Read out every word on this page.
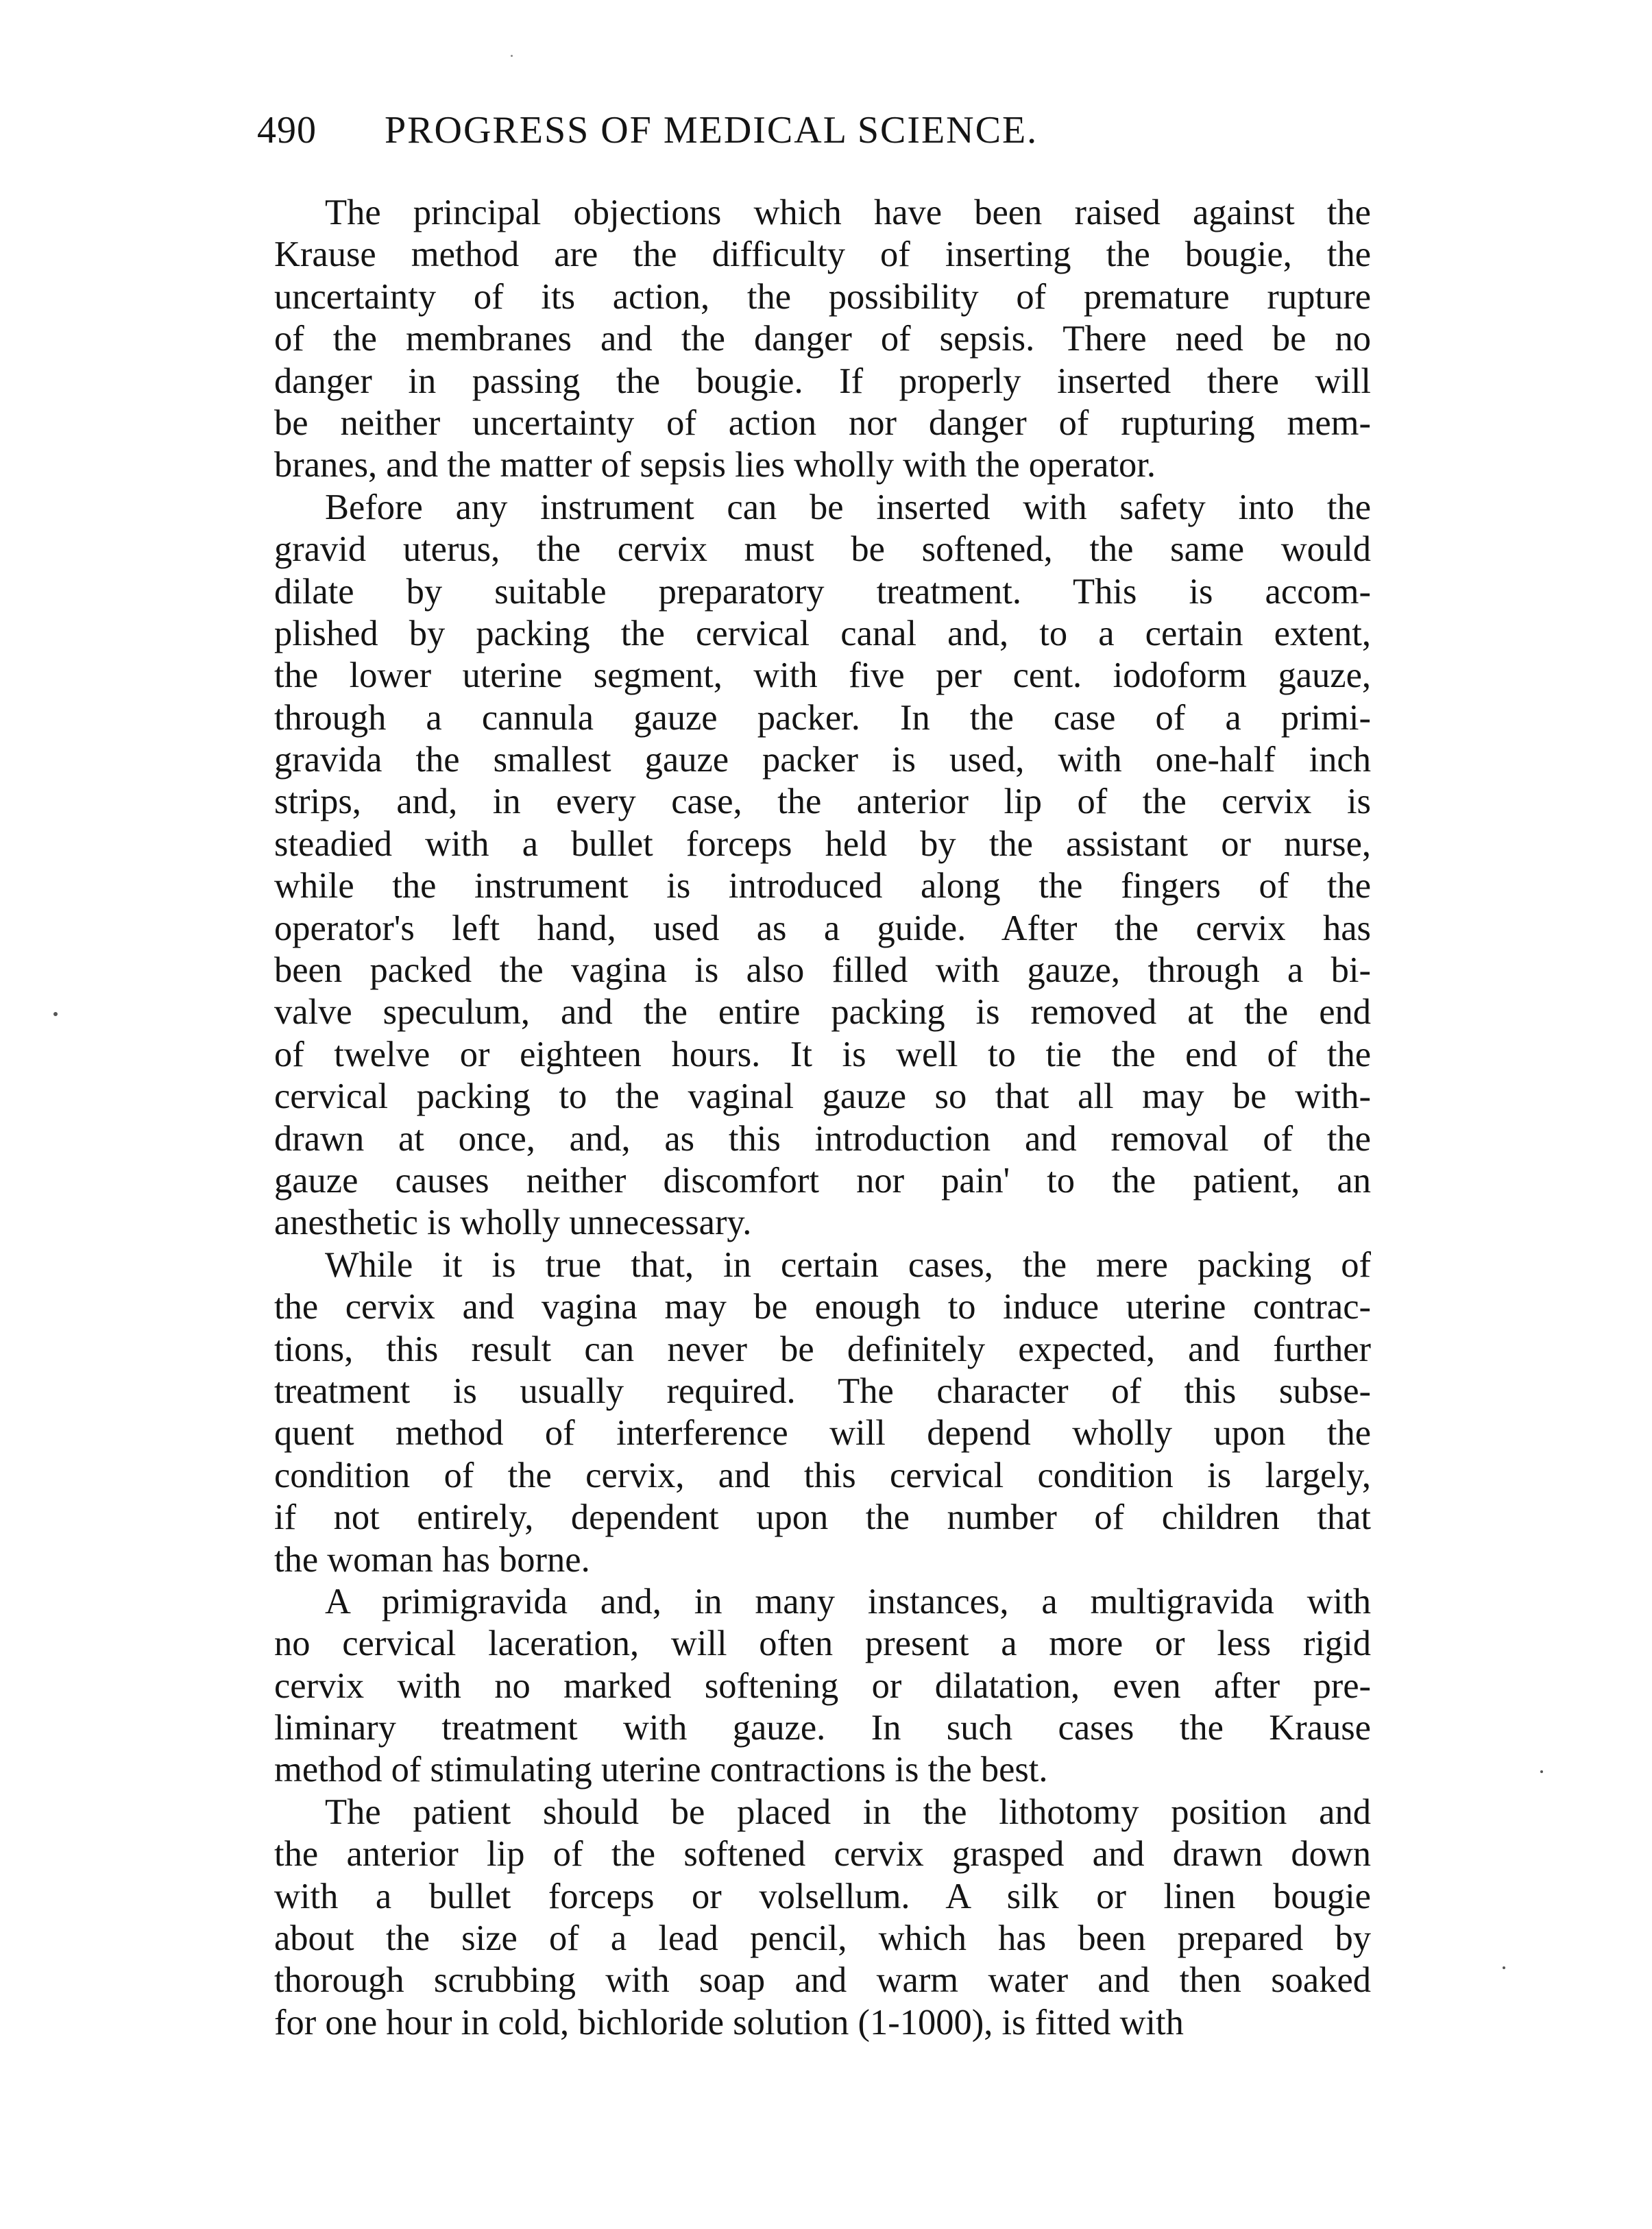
490 PROGRESS OF MEDICAL SCIENCE.
The principal objections which have been raised against the
Krause method are the difficulty of inserting the bougie, the
uncertainty of its action, the possibility of premature rupture
of the membranes and the danger of sepsis. There need be no
danger in passing the bougie. If properly inserted there will
be neither uncertainty of action nor danger of rupturing mem-
branes, and the matter of sepsis lies wholly with the operator.
Before any instrument can be inserted with safety into the
gravid uterus, the cervix must be softened, the same would
dilate by suitable preparatory treatment. This is accom-
plished by packing the cervical canal and, to a certain extent,
the lower uterine segment, with five per cent. iodoform gauze,
through a cannula gauze packer. In the case of a primi-
gravida the smallest gauze packer is used, with one-half inch
strips, and, in every case, the anterior lip of the cervix is
steadied with a bullet forceps held by the assistant or nurse,
while the instrument is introduced along the fingers of the
operator's left hand, used as a guide. After the cervix has
been packed the vagina is also filled with gauze, through a bi-
valve speculum, and the entire packing is removed at the end
of twelve or eighteen hours. It is well to tie the end of the
cervical packing to the vaginal gauze so that all may be with-
drawn at once, and, as this introduction and removal of the
gauze causes neither discomfort nor pain' to the patient, an
anesthetic is wholly unnecessary.
While it is true that, in certain cases, the mere packing of
the cervix and vagina may be enough to induce uterine contrac-
tions, this result can never be definitely expected, and further
treatment is usually required. The character of this subse-
quent method of interference will depend wholly upon the
condition of the cervix, and this cervical condition is largely,
if not entirely, dependent upon the number of children that
the woman has borne.
A primigravida and, in many instances, a multigravida with
no cervical laceration, will often present a more or less rigid
cervix with no marked softening or dilatation, even after pre-
liminary treatment with gauze. In such cases the Krause
method of stimulating uterine contractions is the best.
The patient should be placed in the lithotomy position and
the anterior lip of the softened cervix grasped and drawn down
with a bullet forceps or volsellum. A silk or linen bougie
about the size of a lead pencil, which has been prepared by
thorough scrubbing with soap and warm water and then soaked
for one hour in cold, bichloride solution (1-1000), is fitted with
